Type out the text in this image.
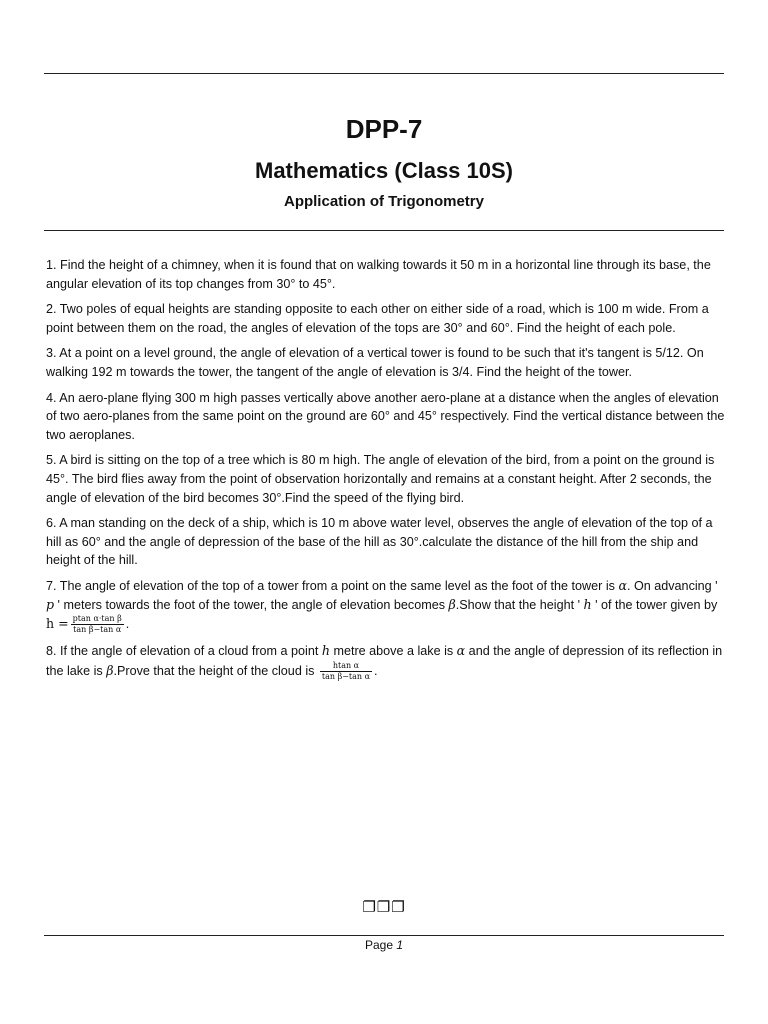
DPP-7
Mathematics (Class 10S)
Application of Trigonometry

1. Find the height of a chimney, when it is found that on walking towards it 50 m in a horizontal line through its base, the angular elevation of its top changes from 30° to 45°.

2. Two poles of equal heights are standing opposite to each other on either side of a road, which is 100 m wide. From a point between them on the road, the angles of elevation of the tops are 30° and 60°. Find the height of each pole.

3. At a point on a level ground, the angle of elevation of a vertical tower is found to be such that it's tangent is 5/12. On walking 192 m towards the tower, the tangent of the angle of elevation is 3/4. Find the height of the tower.

4. An aero-plane flying 300 m high passes vertically above another aero-plane at a distance when the angles of elevation of two aero-planes from the same point on the ground are 60° and 45° respectively. Find the vertical distance between the two aeroplanes.

5. A bird is sitting on the top of a tree which is 80 m high. The angle of elevation of the bird, from a point on the ground is 45°. The bird flies away from the point of observation horizontally and remains at a constant height. After 2 seconds, the angle of elevation of the bird becomes 30°.Find the speed of the flying bird.

6. A man standing on the deck of a ship, which is 10 m above water level, observes the angle of elevation of the top of a hill as 60° and the angle of depression of the base of the hill as 30°.calculate the distance of the hill from the ship and height of the hill.

7. The angle of elevation of the top of a tower from a point on the same level as the foot of the tower is α. On advancing ' p ' meters towards the foot of the tower, the angle of elevation becomes β.Show that the height ' h ' of the tower given by $h = \frac{\text{ptan α·tan β}}{\text{tan β−tan α}}$ .

8. If the angle of elevation of a cloud from a point h metre above a lake is α and the angle of depression of its reflection in the lake is β.Prove that the height of the cloud is $\frac{\text{htan α}}{\text{tan β−tan α}}$ .

❐❐❐
Page 1
